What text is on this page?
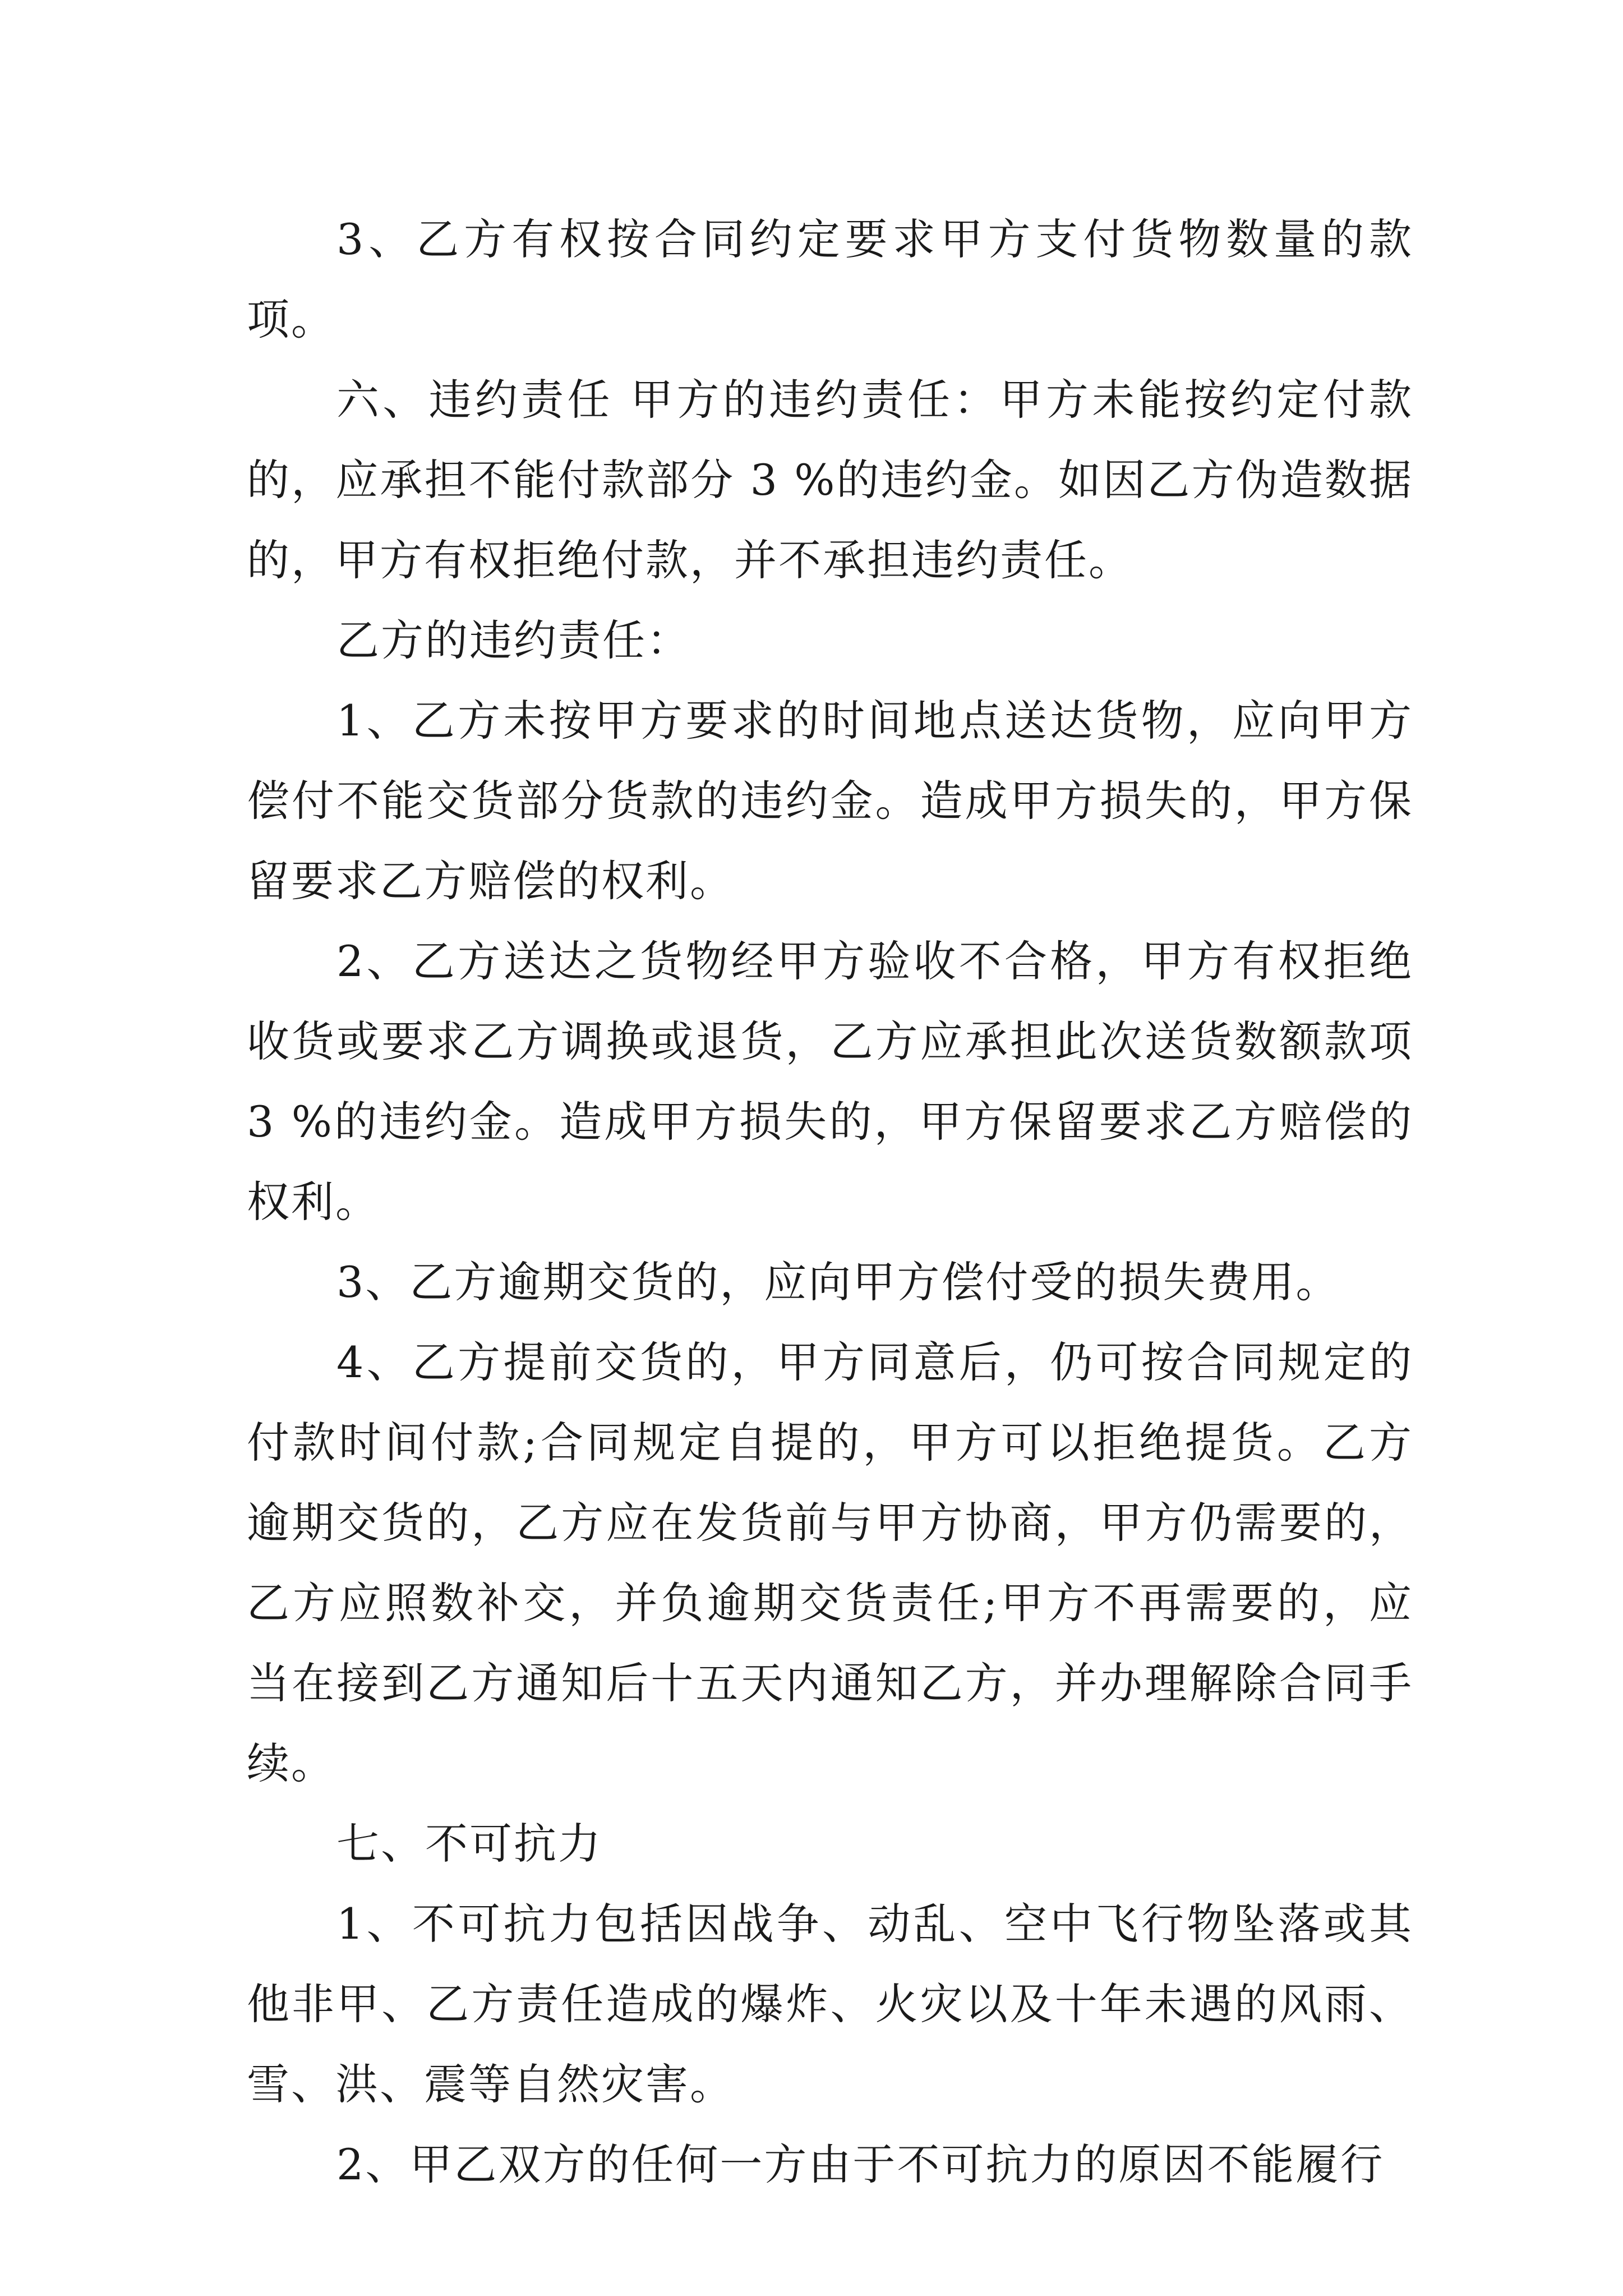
3、乙方有权按合同约定要求甲方支付货物数量的款项。

六、违约责任 甲方的违约责任：甲方未能按约定付款的，应承担不能付款部分 3 %的违约金。如因乙方伪造数据的，甲方有权拒绝付款，并不承担违约责任。

乙方的违约责任：

1、乙方未按甲方要求的时间地点送达货物，应向甲方偿付不能交货部分货款的违约金。造成甲方损失的，甲方保留要求乙方赔偿的权利。

2、乙方送达之货物经甲方验收不合格，甲方有权拒绝收货或要求乙方调换或退货，乙方应承担此次送货数额款项 3 %的违约金。造成甲方损失的，甲方保留要求乙方赔偿的权利。

3、乙方逾期交货的，应向甲方偿付受的损失费用。

4、乙方提前交货的，甲方同意后，仍可按合同规定的付款时间付款;合同规定自提的，甲方可以拒绝提货。乙方逾期交货的，乙方应在发货前与甲方协商，甲方仍需要的，乙方应照数补交，并负逾期交货责任;甲方不再需要的，应当在接到乙方通知后十五天内通知乙方，并办理解除合同手续。

七、不可抗力

1、不可抗力包括因战争、动乱、空中飞行物坠落或其他非甲、乙方责任造成的爆炸、火灾以及十年未遇的风雨、雪、洪、震等自然灾害。

2、甲乙双方的任何一方由于不可抗力的原因不能履行
